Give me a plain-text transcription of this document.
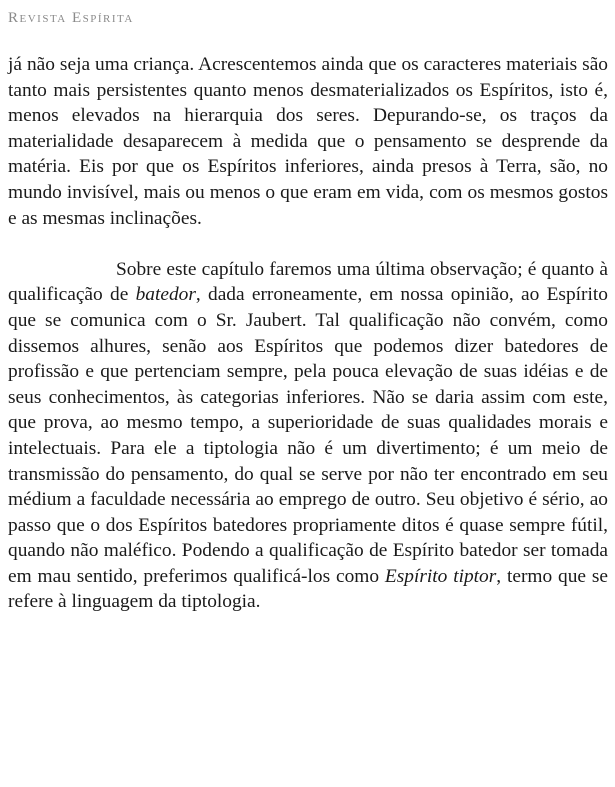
Revista Espírita

já não seja uma criança. Acrescentemos ainda que os caracteres materiais são tanto mais persistentes quanto menos desmaterializados os Espíritos, isto é, menos elevados na hierarquia dos seres. Depurando-se, os traços da materialidade desaparecem à medida que o pensamento se desprende da matéria. Eis por que os Espíritos inferiores, ainda presos à Terra, são, no mundo invisível, mais ou menos o que eram em vida, com os mesmos gostos e as mesmas inclinações.

Sobre este capítulo faremos uma última observação; é quanto à qualificação de batedor, dada erroneamente, em nossa opinião, ao Espírito que se comunica com o Sr. Jaubert. Tal qualificação não convém, como dissemos alhures, senão aos Espíritos que podemos dizer batedores de profissão e que pertenciam sempre, pela pouca elevação de suas idéias e de seus conhecimentos, às categorias inferiores. Não se daria assim com este, que prova, ao mesmo tempo, a superioridade de suas qualidades morais e intelectuais. Para ele a tiptologia não é um divertimento; é um meio de transmissão do pensamento, do qual se serve por não ter encontrado em seu médium a faculdade necessária ao emprego de outro. Seu objetivo é sério, ao passo que o dos Espíritos batedores propriamente ditos é quase sempre fútil, quando não maléfico. Podendo a qualificação de Espírito batedor ser tomada em mau sentido, preferimos qualificá-los como Espírito tiptor, termo que se refere à linguagem da tiptologia.
